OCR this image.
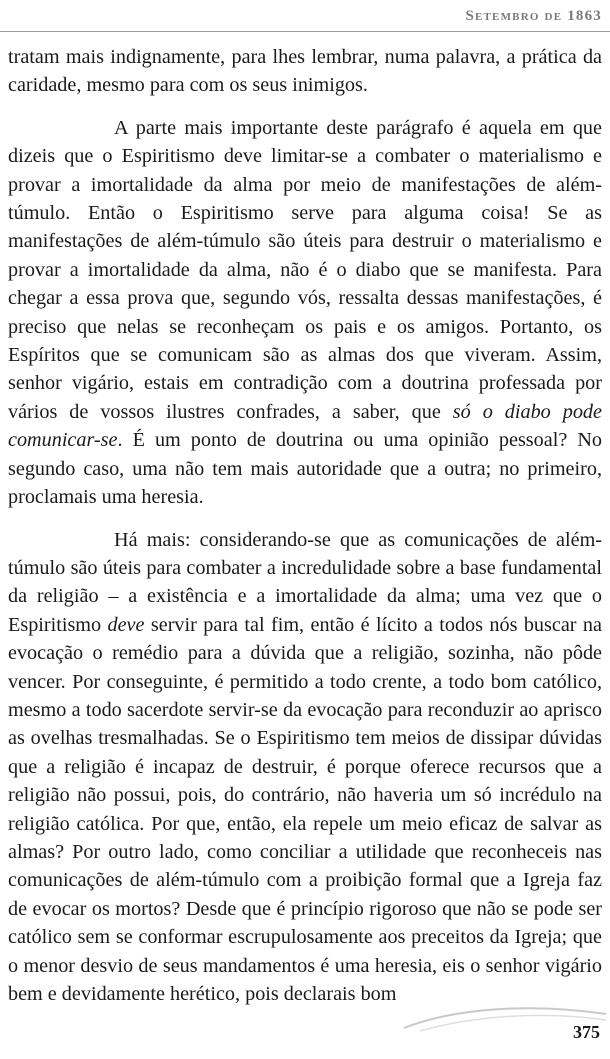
Setembro de 1863

tratam mais indignamente, para lhes lembrar, numa palavra, a prática da caridade, mesmo para com os seus inimigos.

A parte mais importante deste parágrafo é aquela em que dizeis que o Espiritismo deve limitar-se a combater o materialismo e provar a imortalidade da alma por meio de manifestações de além-túmulo. Então o Espiritismo serve para alguma coisa! Se as manifestações de além-túmulo são úteis para destruir o materialismo e provar a imortalidade da alma, não é o diabo que se manifesta. Para chegar a essa prova que, segundo vós, ressalta dessas manifestações, é preciso que nelas se reconheçam os pais e os amigos. Portanto, os Espíritos que se comunicam são as almas dos que viveram. Assim, senhor vigário, estais em contradição com a doutrina professada por vários de vossos ilustres confrades, a saber, que só o diabo pode comunicar-se. É um ponto de doutrina ou uma opinião pessoal? No segundo caso, uma não tem mais autoridade que a outra; no primeiro, proclamais uma heresia.

Há mais: considerando-se que as comunicações de além-túmulo são úteis para combater a incredulidade sobre a base fundamental da religião – a existência e a imortalidade da alma; uma vez que o Espiritismo deve servir para tal fim, então é lícito a todos nós buscar na evocação o remédio para a dúvida que a religião, sozinha, não pôde vencer. Por conseguinte, é permitido a todo crente, a todo bom católico, mesmo a todo sacerdote servir-se da evocação para reconduzir ao aprisco as ovelhas tresmalhadas. Se o Espiritismo tem meios de dissipar dúvidas que a religião é incapaz de destruir, é porque oferece recursos que a religião não possui, pois, do contrário, não haveria um só incrédulo na religião católica. Por que, então, ela repele um meio eficaz de salvar as almas? Por outro lado, como conciliar a utilidade que reconheceis nas comunicações de além-túmulo com a proibição formal que a Igreja faz de evocar os mortos? Desde que é princípio rigoroso que não se pode ser católico sem se conformar escrupulosamente aos preceitos da Igreja; que o menor desvio de seus mandamentos é uma heresia, eis o senhor vigário bem e devidamente herético, pois declarais bom

375
